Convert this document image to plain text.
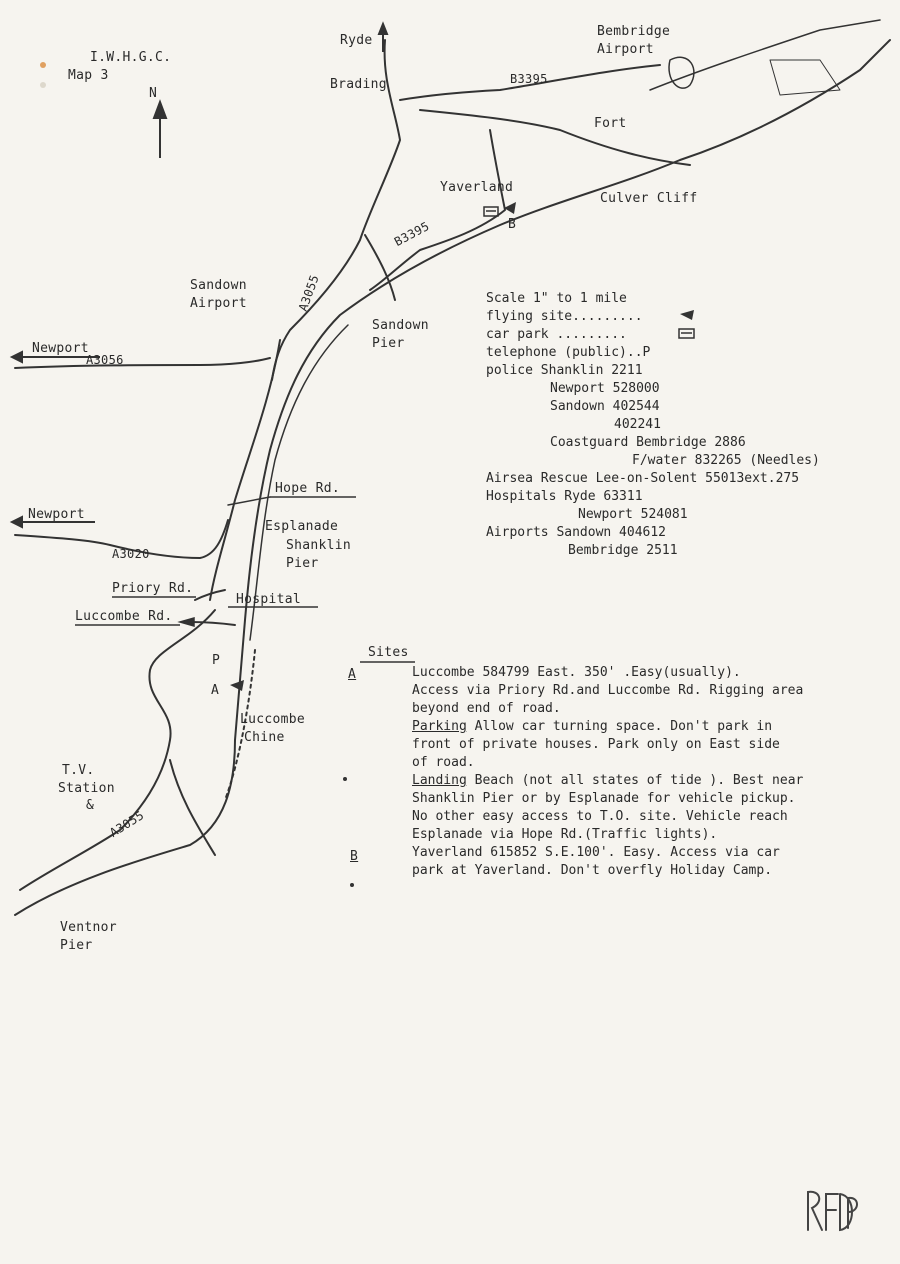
I.W.H.G.C.
Map 3
N
Ryde
Brading
Bembridge
Airport
Fort
Yaverland
Culver Cliff
B
Sandown
Airport
Sandown
Pier
Newport
Newport
Hope Rd.
Esplanade
Shanklin
Pier
Priory Rd.
Hospital
Luccombe Rd.
P
A
Luccombe
Chine
T.V.
Station
&
Ventnor
Pier
B3395
B3395
A3055
A3056
A3020
A3055
Scale 1" to 1 mile
flying site.........
car park .........
telephone (public)..P
police Shanklin 2211
Newport 528000
Sandown 402544
402241
Coastguard Bembridge 2886
F/water 832265 (Needles)
Airsea Rescue Lee-on-Solent 55013ext.275
Hospitals Ryde 63311
Newport 524081
Airports Sandown 404612
Bembridge 2511
Sites
A
B
Luccombe 584799 East. 350' .Easy(usually).
Access via Priory Rd.and Luccombe Rd. Rigging area
beyond end of road.
Parking Allow car turning space. Don't park in
front of private houses. Park only on East side
of road.
Landing Beach (not all states of tide ). Best near
Shanklin Pier or by Esplanade for vehicle pickup.
No other easy access to T.O. site. Vehicle reach
Esplanade via Hope Rd.(Traffic lights).
Yaverland 615852 S.E.100'. Easy. Access via car
park at Yaverland. Don't overfly Holiday Camp.
